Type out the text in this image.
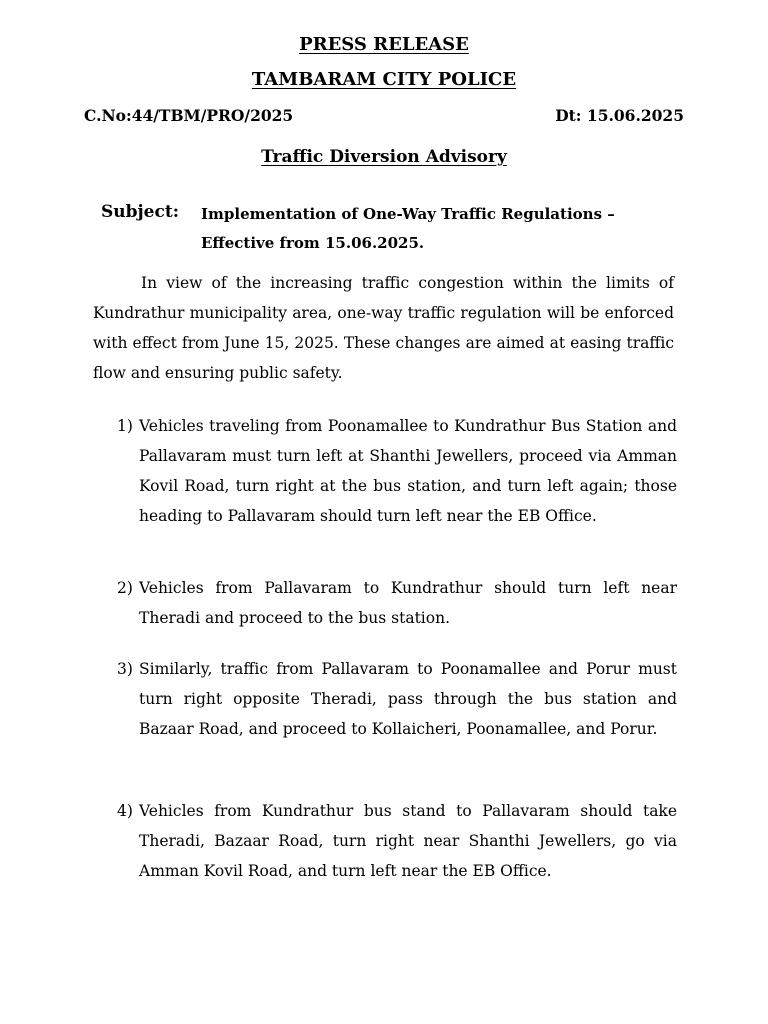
PRESS RELEASE
TAMBARAM CITY POLICE
C.No:44/TBM/PRO/2025	Dt: 15.06.2025
Traffic Diversion Advisory
Subject: Implementation of One-Way Traffic Regulations – Effective from 15.06.2025.

In view of the increasing traffic congestion within the limits of Kundrathur municipality area, one-way traffic regulation will be enforced with effect from June 15, 2025. These changes are aimed at easing traffic flow and ensuring public safety.

1) Vehicles traveling from Poonamallee to Kundrathur Bus Station and Pallavaram must turn left at Shanthi Jewellers, proceed via Amman Kovil Road, turn right at the bus station, and turn left again; those heading to Pallavaram should turn left near the EB Office.
2) Vehicles from Pallavaram to Kundrathur should turn left near Theradi and proceed to the bus station.
3) Similarly, traffic from Pallavaram to Poonamallee and Porur must turn right opposite Theradi, pass through the bus station and Bazaar Road, and proceed to Kollaicheri, Poonamallee, and Porur.
4) Vehicles from Kundrathur bus stand to Pallavaram should take Theradi, Bazaar Road, turn right near Shanthi Jewellers, go via Amman Kovil Road, and turn left near the EB Office.
